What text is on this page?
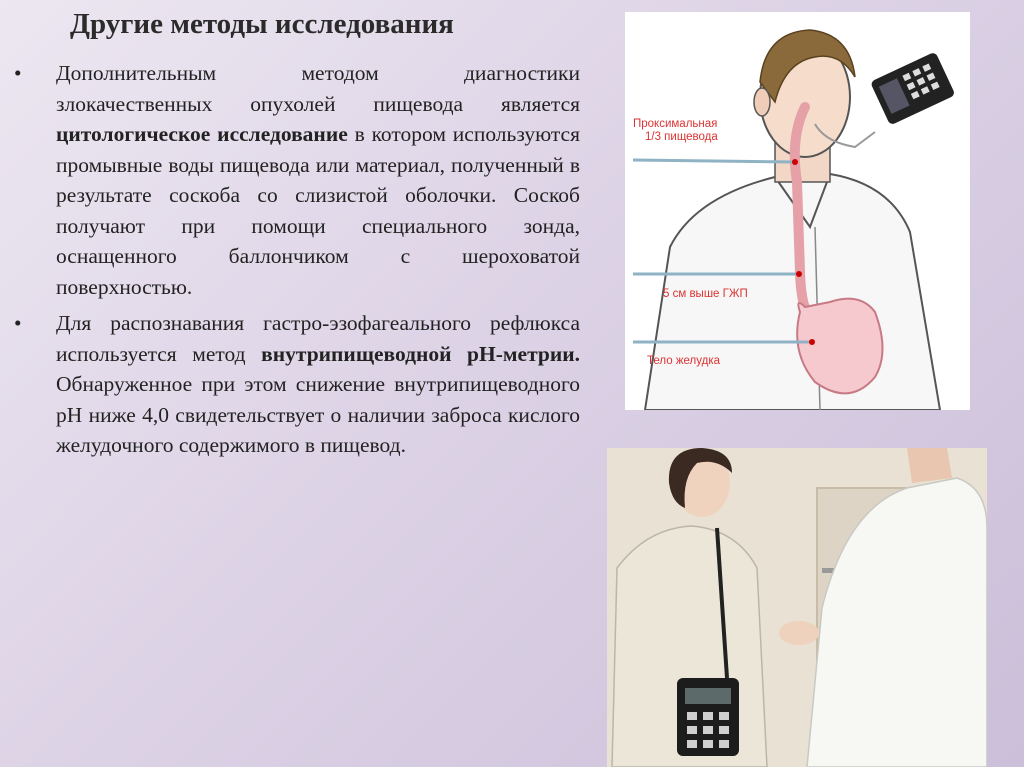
Другие методы исследования
• Дополнительным методом диагностики злокачественных опухолей пищевода является цитологическое исследование в котором используются промывные воды пищевода или материал, полученный в результате соскоба со слизистой оболочки. Соскоб получают при помощи специального зонда, оснащенного баллончиком с шероховатой поверхностью.
• Для распознавания гастро-эзофагеального рефлюкса используется метод внутрипищеводной рН-метрии. Обнаруженное при этом снижение внутрипищеводного рН ниже 4,0 свидетельствует о наличии заброса кислого желудочного содержимого в пищевод.
Проксимальная
1/3 пищевода
5 см выше ГЖП
Тело желудка
